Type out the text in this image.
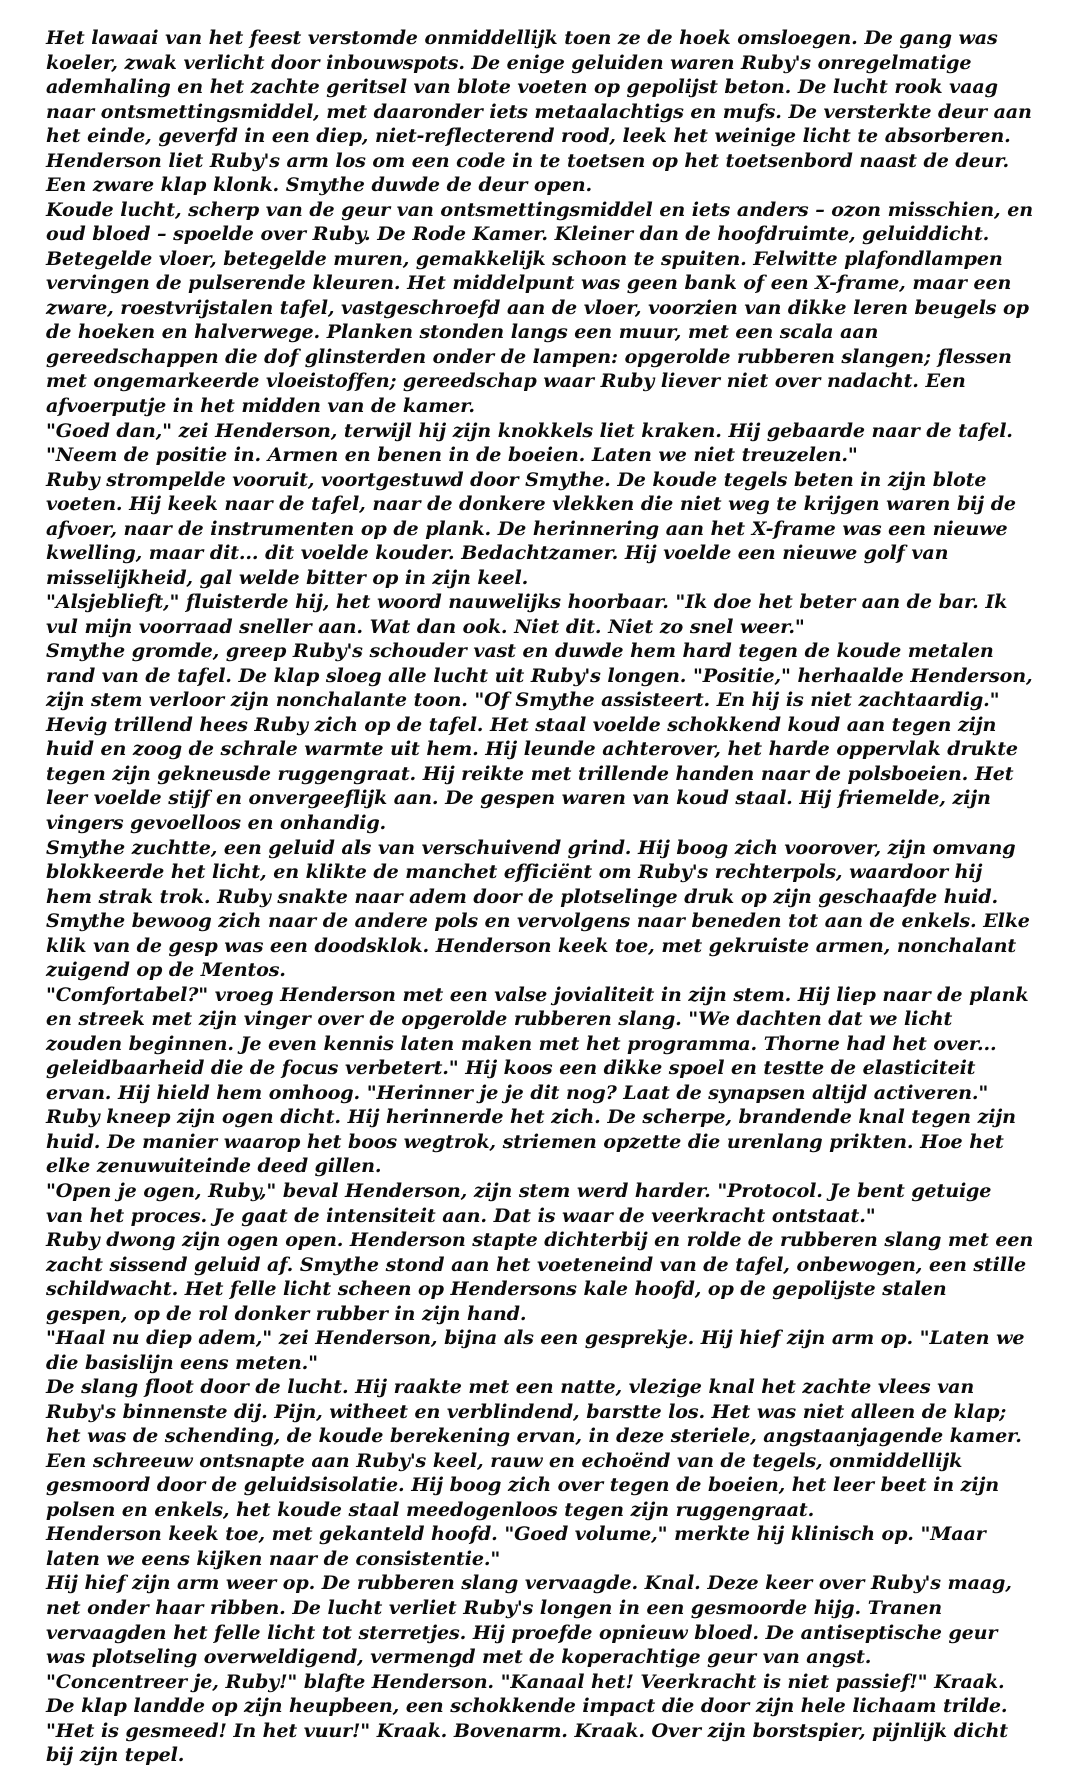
Het lawaai van het feest verstomde onmiddellijk toen ze de hoek omsloegen. De gang was koeler, zwak verlicht door inbouwspots. De enige geluiden waren Ruby's onregelmatige ademhaling en het zachte geritsel van blote voeten op gepolijst beton. De lucht rook vaag naar ontsmettingsmiddel, met daaronder iets metaalachtigs en mufs. De versterkte deur aan het einde, geverfd in een diep, niet-reflecterend rood, leek het weinige licht te absorberen.

Henderson liet Ruby's arm los om een code in te toetsen op het toetsenbord naast de deur. Een zware klap klonk. Smythe duwde de deur open.

Koude lucht, scherp van de geur van ontsmettingsmiddel en iets anders – ozon misschien, en oud bloed – spoelde over Ruby. De Rode Kamer. Kleiner dan de hoofdruimte, geluiddicht. Betegelde vloer, betegelde muren, gemakkelijk schoon te spuiten. Felwitte plafondlampen vervingen de pulserende kleuren. Het middelpunt was geen bank of een X-frame, maar een zware, roestvrijstalen tafel, vastgeschroefd aan de vloer, voorzien van dikke leren beugels op de hoeken en halverwege. Planken stonden langs een muur, met een scala aan gereedschappen die dof glinsterden onder de lampen: opgerolde rubberen slangen; flessen met ongemarkeerde vloeistoffen; gereedschap waar Ruby liever niet over nadacht. Een afvoerputje in het midden van de kamer.

"Goed dan," zei Henderson, terwijl hij zijn knokkels liet kraken. Hij gebaarde naar de tafel. "Neem de positie in. Armen en benen in de boeien. Laten we niet treuzelen."

Ruby strompelde vooruit, voortgestuwd door Smythe. De koude tegels beten in zijn blote voeten. Hij keek naar de tafel, naar de donkere vlekken die niet weg te krijgen waren bij de afvoer, naar de instrumenten op de plank. De herinnering aan het X-frame was een nieuwe kwelling, maar dit... dit voelde kouder. Bedachtzamer. Hij voelde een nieuwe golf van misselijkheid, gal welde bitter op in zijn keel.

"Alsjeblieft," fluisterde hij, het woord nauwelijks hoorbaar. "Ik doe het beter aan de bar. Ik vul mijn voorraad sneller aan. Wat dan ook. Niet dit. Niet zo snel weer."

Smythe gromde, greep Ruby's schouder vast en duwde hem hard tegen de koude metalen rand van de tafel. De klap sloeg alle lucht uit Ruby's longen. "Positie," herhaalde Henderson, zijn stem verloor zijn nonchalante toon. "Of Smythe assisteert. En hij is niet zachtaardig."

Hevig trillend hees Ruby zich op de tafel. Het staal voelde schokkend koud aan tegen zijn huid en zoog de schrale warmte uit hem. Hij leunde achterover, het harde oppervlak drukte tegen zijn gekneusde ruggengraat. Hij reikte met trillende handen naar de polsboeien. Het leer voelde stijf en onvergeeflijk aan. De gespen waren van koud staal. Hij friemelde, zijn vingers gevoelloos en onhandig.

Smythe zuchtte, een geluid als van verschuivend grind. Hij boog zich voorover, zijn omvang blokkeerde het licht, en klikte de manchet efficiënt om Ruby's rechterpols, waardoor hij hem strak trok. Ruby snakte naar adem door de plotselinge druk op zijn geschaafde huid. Smythe bewoog zich naar de andere pols en vervolgens naar beneden tot aan de enkels. Elke klik van de gesp was een doodsklok. Henderson keek toe, met gekruiste armen, nonchalant zuigend op de Mentos.

"Comfortabel?" vroeg Henderson met een valse jovialiteit in zijn stem. Hij liep naar de plank en streek met zijn vinger over de opgerolde rubberen slang. "We dachten dat we licht zouden beginnen. Je even kennis laten maken met het programma. Thorne had het over... geleidbaarheid die de focus verbetert." Hij koos een dikke spoel en testte de elasticiteit ervan. Hij hield hem omhoog. "Herinner je je dit nog? Laat de synapsen altijd activeren."

Ruby kneep zijn ogen dicht. Hij herinnerde het zich. De scherpe, brandende knal tegen zijn huid. De manier waarop het boos wegtrok, striemen opzette die urenlang prikten. Hoe het elke zenuwuiteinde deed gillen.

"Open je ogen, Ruby," beval Henderson, zijn stem werd harder. "Protocol. Je bent getuige van het proces. Je gaat de intensiteit aan. Dat is waar de veerkracht ontstaat."

Ruby dwong zijn ogen open. Henderson stapte dichterbij en rolde de rubberen slang met een zacht sissend geluid af. Smythe stond aan het voeteneind van de tafel, onbewogen, een stille schildwacht. Het felle licht scheen op Hendersons kale hoofd, op de gepolijste stalen gespen, op de rol donker rubber in zijn hand.

"Haal nu diep adem," zei Henderson, bijna als een gesprekje. Hij hief zijn arm op. "Laten we die basislijn eens meten."

De slang floot door de lucht. Hij raakte met een natte, vlezige knal het zachte vlees van Ruby's binnenste dij. Pijn, witheet en verblindend, barstte los. Het was niet alleen de klap; het was de schending, de koude berekening ervan, in deze steriele, angstaanjagende kamer. Een schreeuw ontsnapte aan Ruby's keel, rauw en echoënd van de tegels, onmiddellijk gesmoord door de geluidsisolatie. Hij boog zich over tegen de boeien, het leer beet in zijn polsen en enkels, het koude staal meedogenloos tegen zijn ruggengraat.

Henderson keek toe, met gekanteld hoofd. "Goed volume," merkte hij klinisch op. "Maar laten we eens kijken naar de consistentie."

Hij hief zijn arm weer op. De rubberen slang vervaagde. Knal. Deze keer over Ruby's maag, net onder haar ribben. De lucht verliet Ruby's longen in een gesmoorde hijg. Tranen vervaagden het felle licht tot sterretjes. Hij proefde opnieuw bloed. De antiseptische geur was plotseling overweldigend, vermengd met de koperachtige geur van angst.

"Concentreer je, Ruby!" blafte Henderson. "Kanaal het! Veerkracht is niet passief!" Kraak. De klap landde op zijn heupbeen, een schokkende impact die door zijn hele lichaam trilde. "Het is gesmeed! In het vuur!" Kraak. Bovenarm. Kraak. Over zijn borstspier, pijnlijk dicht bij zijn tepel.
